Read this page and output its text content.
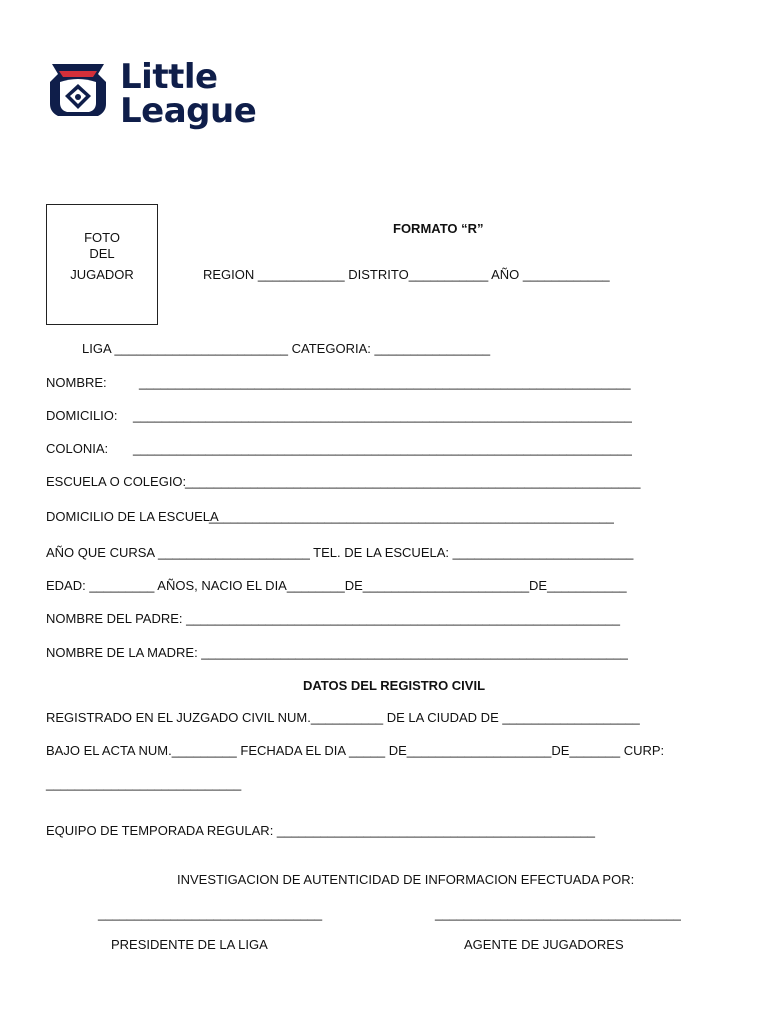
Little
League
FOTO
DEL
JUGADOR
FORMATO “R”
REGION ____________ DISTRITO___________ AÑO ____________
LIGA ________________________ CATEGORIA: ________________
NOMBRE: ____________________________________________________________________
DOMICILIO: _____________________________________________________________________
COLONIA: _____________________________________________________________________
ESCUELA O COLEGIO:
_______________________________________________________________
DOMICILIO DE LA ESCUELA
________________________________________________________
AÑO QUE CURSA _____________________ TEL. DE LA ESCUELA: _________________________
EDAD: _________ AÑOS, NACIO EL DIA________DE_______________________DE___________
NOMBRE DEL PADRE: ____________________________________________________________
NOMBRE DE LA MADRE: ___________________________________________________________
DATOS DEL REGISTRO CIVIL
REGISTRADO EN EL JUZGADO CIVIL NUM.__________ DE LA CIUDAD DE ___________________
BAJO EL ACTA NUM._________ FECHADA EL DIA _____ DE____________________DE_______ CURP:
___________________________
EQUIPO DE TEMPORADA REGULAR: ____________________________________________
INVESTIGACION DE AUTENTICIDAD DE INFORMACION EFECTUADA POR:
_______________________________	__________________________________
PRESIDENTE DE LA LIGA	AGENTE DE JUGADORES
